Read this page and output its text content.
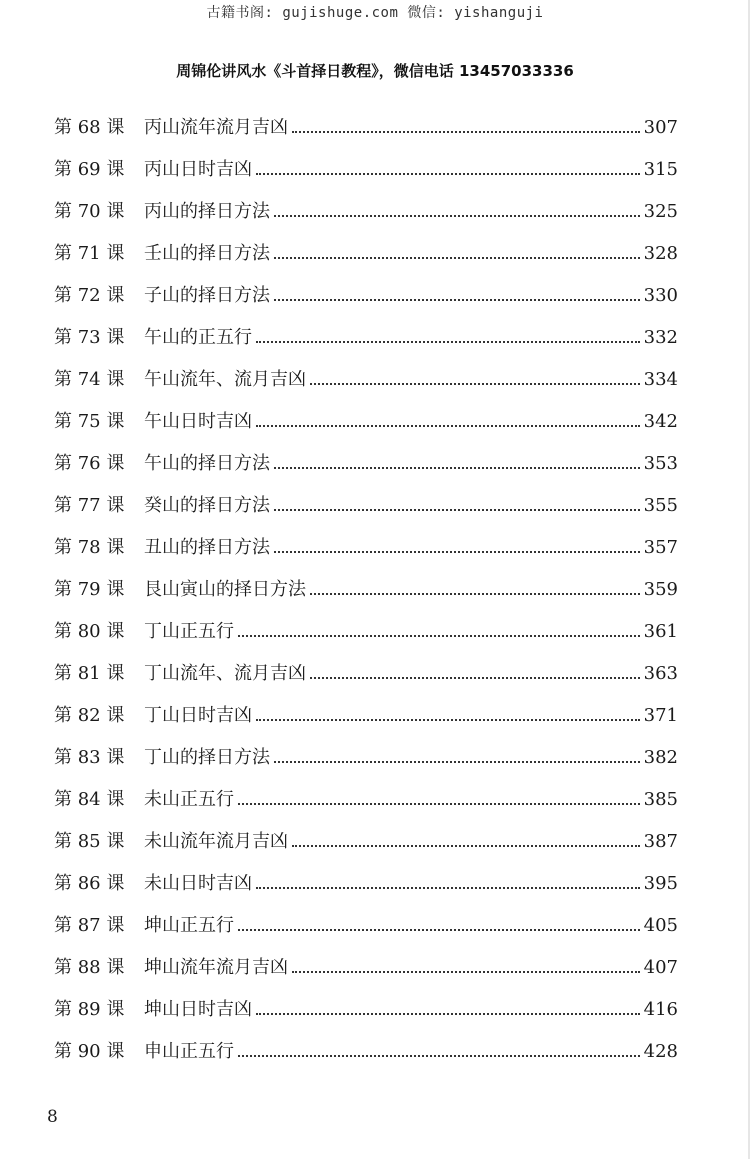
古籍书阁: gujishuge.com 微信: yishanguji
周锦伦讲风水《斗首择日教程》，微信电话 13457033336
第 68 课	丙山流年流月吉凶	307
第 69 课	丙山日时吉凶	315
第 70 课	丙山的择日方法	325
第 71 课	壬山的择日方法	328
第 72 课	子山的择日方法	330
第 73 课	午山的正五行	332
第 74 课	午山流年、流月吉凶	334
第 75 课	午山日时吉凶	342
第 76 课	午山的择日方法	353
第 77 课	癸山的择日方法	355
第 78 课	丑山的择日方法	357
第 79 课	艮山寅山的择日方法	359
第 80 课	丁山正五行	361
第 81 课	丁山流年、流月吉凶	363
第 82 课	丁山日时吉凶	371
第 83 课	丁山的择日方法	382
第 84 课	未山正五行	385
第 85 课	未山流年流月吉凶	387
第 86 课	未山日时吉凶	395
第 87 课	坤山正五行	405
第 88 课	坤山流年流月吉凶	407
第 89 课	坤山日时吉凶	416
第 90 课	申山正五行	428
8
